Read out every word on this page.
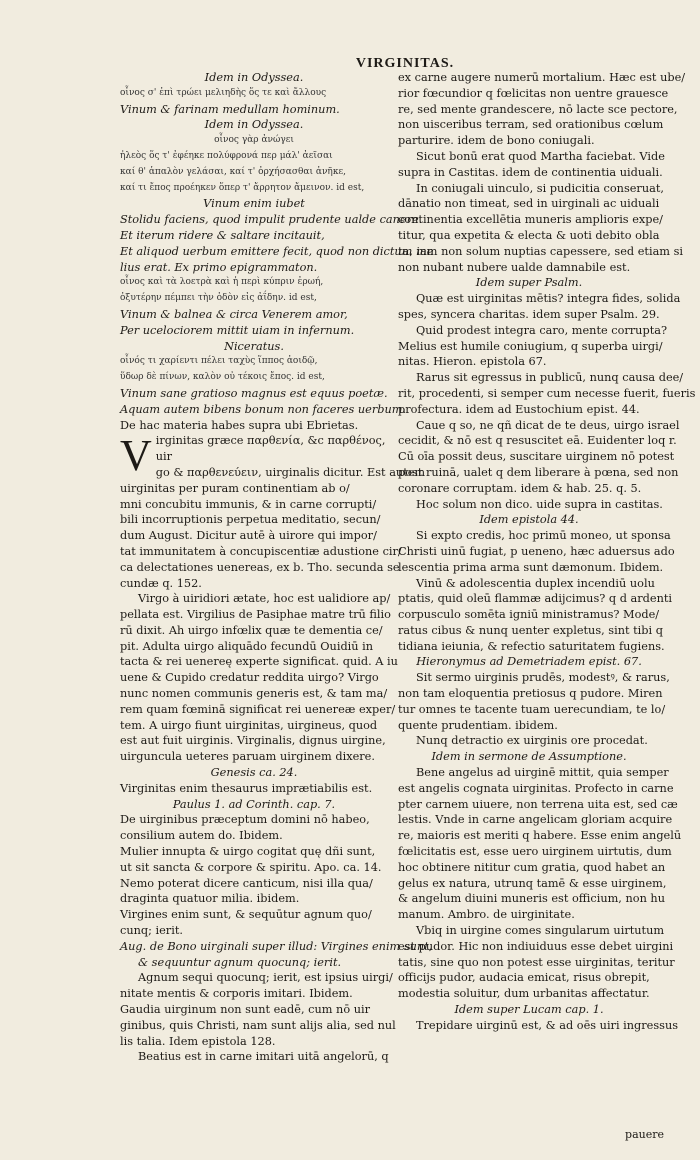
VIRGINITAS.
Idem in Odyssea.
οἶνος σ' ἐπὶ τρώει μελιηδὴς ὅς τε καὶ ἄλλους
Vinum & farinam medullam hominum.
Idem in Odyssea.
οἶνος γὰρ ἀνώγει
ἠλεὸς ὅς τ' ἐφέηκε πολύφρονά περ μάλ' ἀεῖσαι
καί θ' ἁπαλὸν γελάσαι, καί τ' ὀρχήσασθαι ἀνῆκε,
καί τι ἔπος προέηκεν ὅπερ τ' ἄρρητον ἄμεινον. id est,
Vinum enim iubet
Stolidu faciens, quod impulit prudente ualde canere.
Et iterum ridere & saltare incitauit,
Et aliquod uerbum emittere fecit, quod non dictum me
lius erat. Ex primo epigrammaton.
οἶνος καὶ τὰ λοετρὰ καὶ ἡ περὶ κύπριν ἐρωή,
ὀξυτέρην πέμπει τὴν ὁδὸν εἰς ἀΐδην. id est,
Vinum & balnea & circa Venerem amor,
Per ucelociorem mittit uiam in infernum.
Niceratus.
οἶνός τι χαρίεντι πέλει ταχὺς ἵππος ἀοιδῷ,
ὕδωρ δὲ πίνων, καλὸν οὐ τέκοις ἔπος. id est,
Vinum sane gratioso magnus est equus poetæ.
Aquam autem bibens bonum non faceres uerbum.
De hac materia habes supra ubi Ebrietas.
Virginitas græce παρθενία, &c παρθένος, uir
go & παρθενεύειν, uirginalis dicitur. Est autem
uirginitas per puram continentiam ab o/
mni concubitu immunis, & in carne corrupti/
bili incorruptionis perpetua meditatio, secun/
dum August. Dicitur autē à uirore qui impor/
tat immunitatem à concupiscentiæ adustione cir/
ca delectationes uenereas, ex b. Tho. secunda se
cundæ q. 152.
Virgo à uiridiori ætate, hoc est ualidiore ap/
pellata est. Virgilius de Pasiphae matre trū filio
rū dixit. Ah uirgo infœlix quæ te dementia ce/
pit. Adulta uirgo aliquādo fecundū Ouidiū in
tacta & rei uenereę experte significat. quid. A iu
uene & Cupido credatur reddita uirgo? Virgo
nunc nomen communis generis est, & tam ma/
rem quam fœminā significat rei uenereæ exper/
tem. A uirgo fiunt uirginitas, uirgineus, quod
est aut fuit uirginis. Virginalis, dignus uirgine,
uirguncula ueteres paruam uirginem dixere.
Genesis ca. 24.
Virginitas enim thesaurus imprætiabilis est.
Paulus 1. ad Corinth. cap. 7.
De uirginibus præceptum domini nō habeo,
consilium autem do. Ibidem.
Mulier innupta & uirgo cogitat quę dñi sunt,
ut sit sancta & corpore & spiritu. Apo. ca. 14.
Nemo poterat dicere canticum, nisi illa qua/
draginta quatuor milia. ibidem.
Virgines enim sunt, & sequūtur agnum quo/
cunq; ierit.
Aug. de Bono uirginali super illud: Virgines enim sunt,
& sequuntur agnum quocunq; ierit.
Agnum sequi quocunq; ierit, est ipsius uirgi/
nitate mentis & corporis imitari. Ibidem.
Gaudia uirginum non sunt eadē, cum nō uir
ginibus, quis Christi, nam sunt alijs alia, sed nul
lis talia. Idem epistola 128.
Beatius est in carne imitari uitā angelorū, q
ex carne augere numerū mortalium. Hæc est ube/
rior fœcundior q fœlicitas non uentre grauesce
re, sed mente grandescere, nō lacte sce pectore,
non uisceribus terram, sed orationibus cœlum
parturire. idem de bono coniugali.
Sicut bonū erat quod Martha faciebat. Vide
supra in Castitas. idem de continentia uiduali.
In coniugali uinculo, si pudicitia conseruat,
dānatio non timeat, sed in uirginali ac uiduali
continentia excellētia muneris amplioris expe/
titur, qua expetita & electa & uoti debito obla
ta, iam non solum nuptias capessere, sed etiam si
non nubant nubere ualde damnabile est.
Idem super Psalm.
Quæ est uirginitas mētis? integra fides, solida
spes, syncera charitas. idem super Psalm. 29.
Quid prodest integra caro, mente corrupta?
Melius est humile coniugium, q superba uirgi/
nitas. Hieron. epistola 67.
Rarus sit egressus in publicū, nunq causa dee/
rit, procedenti, si semper cum necesse fuerit, fueris
profectura. idem ad Eustochium epist. 44.
Caue q so, ne qñ dicat de te deus, uirgo israel
cecidit, & nō est q resuscitet eā. Euidenter loq r.
Cū oīa possit deus, suscitare uirginem nō potest
post ruinā, ualet q dem liberare à pœna, sed non
coronare corruptam. idem & hab. 25. q. 5.
Hoc solum non dico. uide supra in castitas.
Idem epistola 44.
Si expto credis, hoc primū moneo, ut sponsa
Christi uinū fugiat, p ueneno, hæc aduersus ado
lescentia prima arma sunt dæmonum. Ibidem.
Vinū & adolescentia duplex incendiū uolu
ptatis, quid oleū flammæ adijcimus? q d ardenti
corpusculo somēta igniū ministramus? Mode/
ratus cibus & nunq uenter expletus, sint tibi q
tidiana ieiunia, & refectio saturitatem fugiens.
Hieronymus ad Demetriadem epist. 67.
Sit sermo uirginis prudēs, modestꝰ, & rarus,
non tam eloquentia pretiosus q pudore. Miren
tur omnes te tacente tuam uerecundiam, te lo/
quente prudentiam. ibidem.
Nunq detractio ex uirginis ore procedat.
Idem in sermone de Assumptione.
Bene angelus ad uirginē mittit, quia semper
est angelis cognata uirginitas. Profecto in carne
pter carnem uiuere, non terrena uita est, sed cæ
lestis. Vnde in carne angelicam gloriam acquire
re, maioris est meriti q habere. Esse enim angelū
fœlicitatis est, esse uero uirginem uirtutis, dum
hoc obtinere nititur cum gratia, quod habet an
gelus ex natura, utrunq tamē & esse uirginem,
& angelum diuini muneris est officium, non hu
manum. Ambro. de uirginitate.
Vbiq in uirgine comes singularum uirtutum
est pudor. Hic non indiuiduus esse debet uirgini
tatis, sine quo non potest esse uirginitas, teritur
officijs pudor, audacia emicat, risus obrepit,
modestia soluitur, dum urbanitas affectatur.
Idem super Lucam cap. 1.
Trepidare uirginū est, & ad oēs uiri ingressus
pauere
